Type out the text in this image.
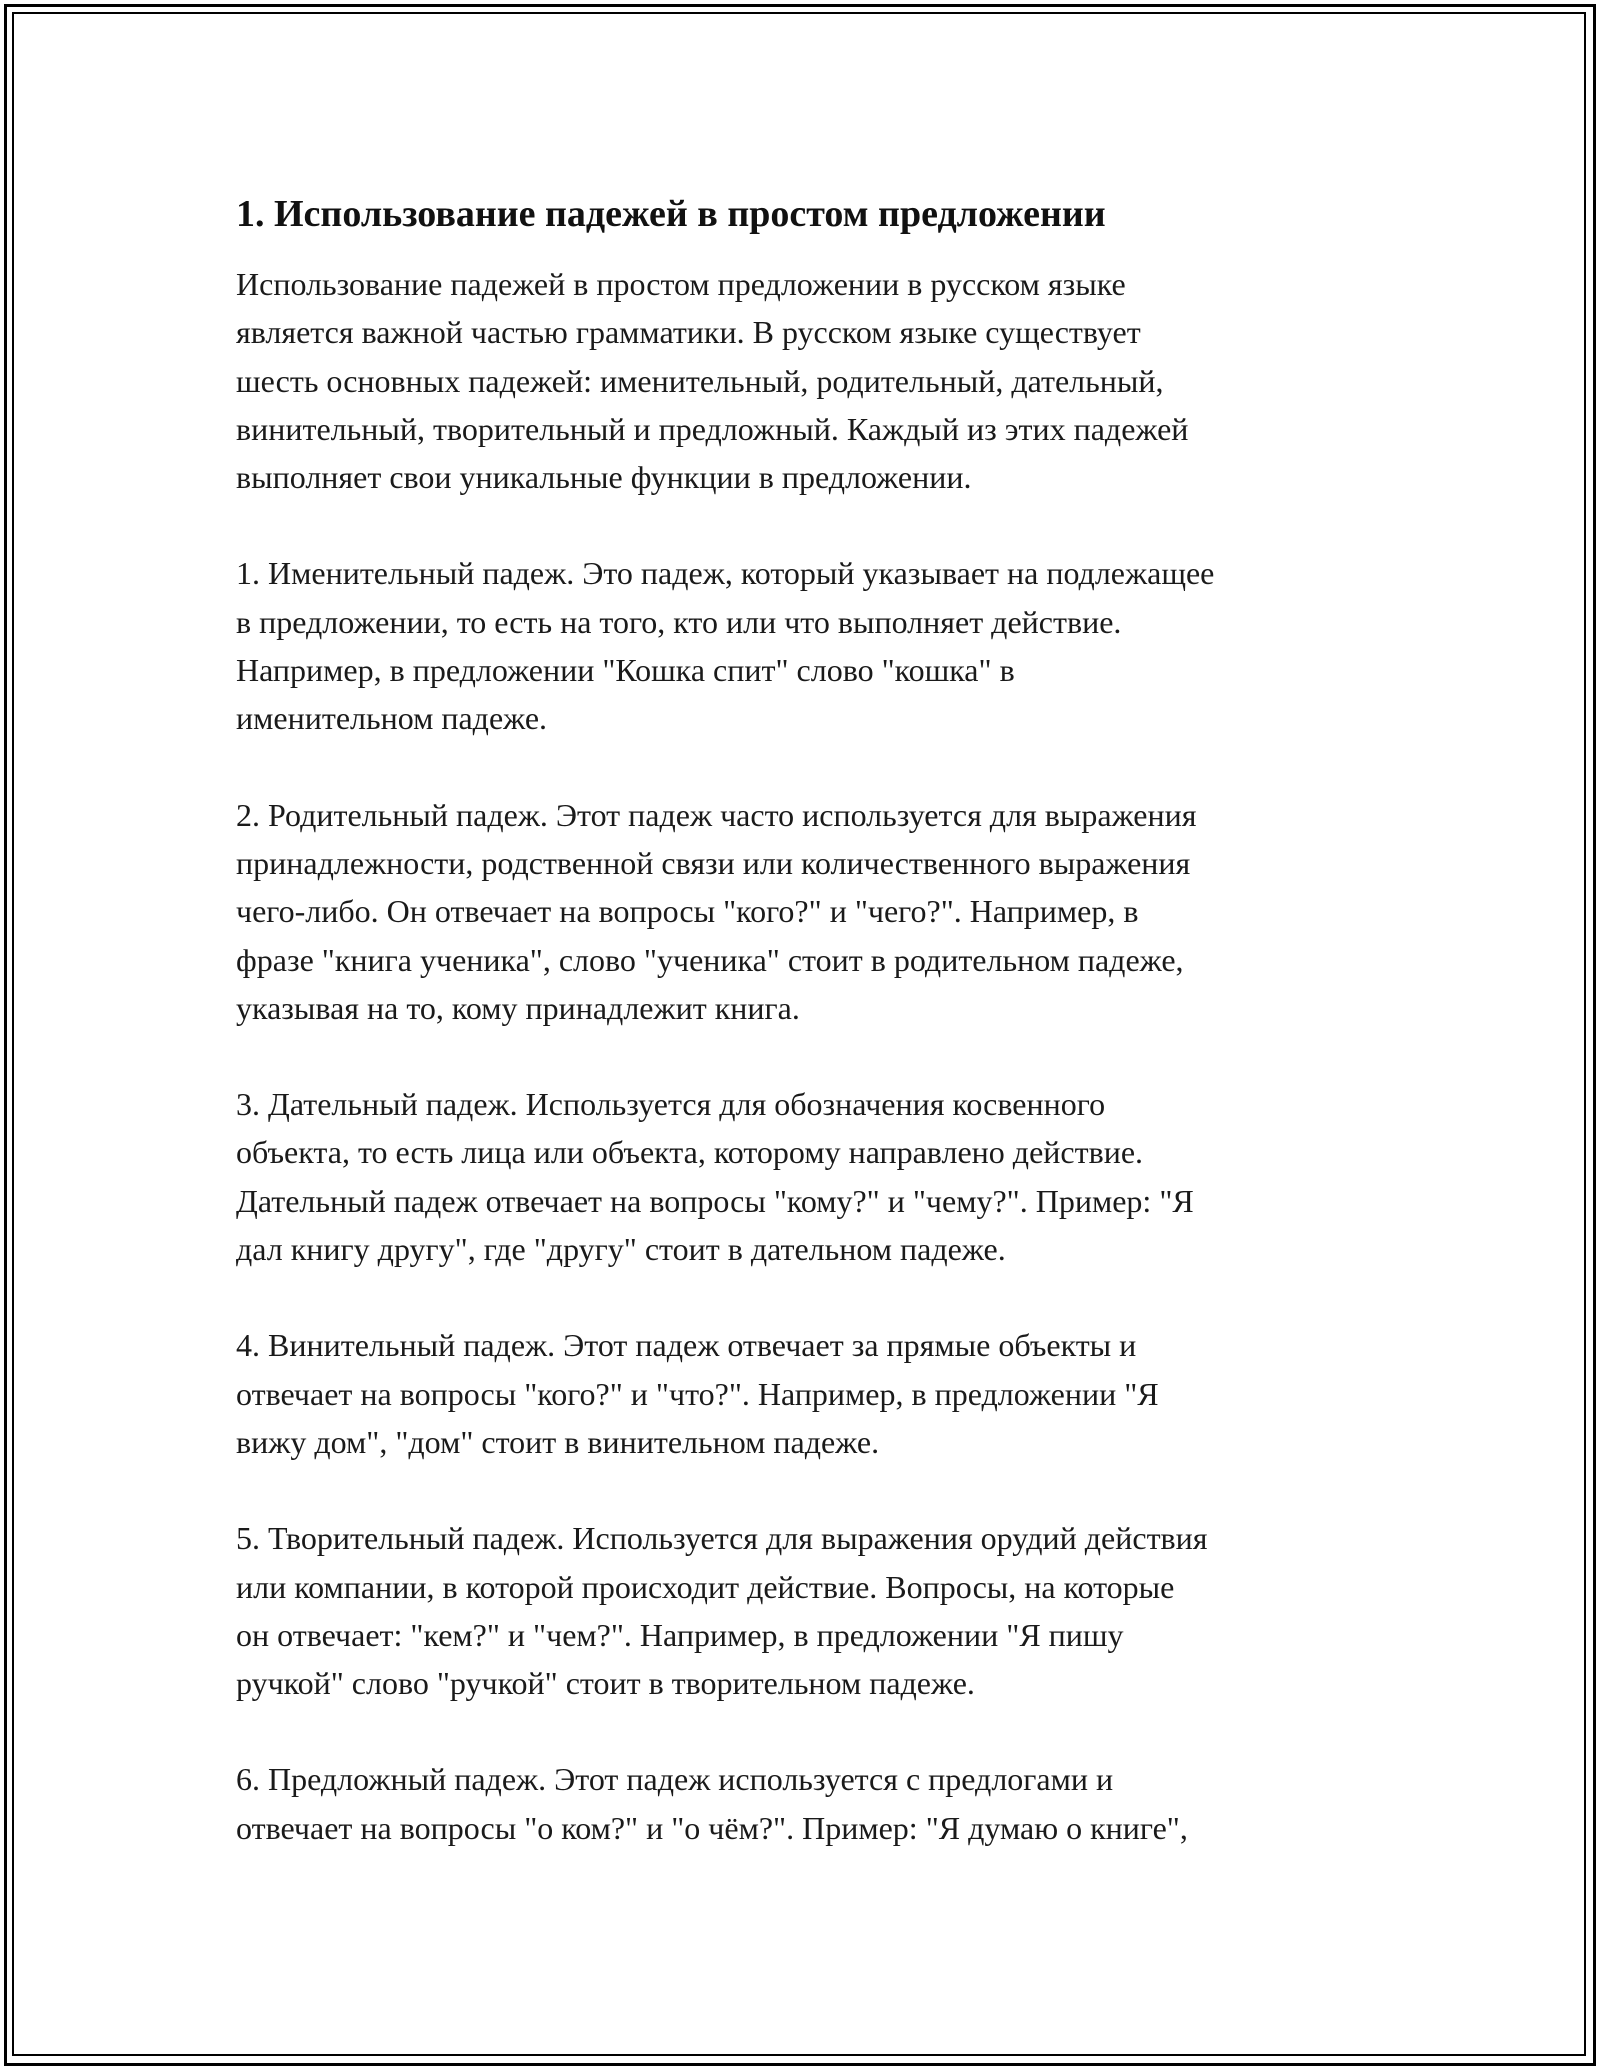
1. Использование падежей в простом предложении

Использование падежей в простом предложении в русском языке
является важной частью грамматики. В русском языке существует
шесть основных падежей: именительный, родительный, дательный,
винительный, творительный и предложный. Каждый из этих падежей
выполняет свои уникальные функции в предложении.

1. Именительный падеж. Это падеж, который указывает на подлежащее
в предложении, то есть на того, кто или что выполняет действие.
Например, в предложении "Кошка спит" слово "кошка" в
именительном падеже.

2. Родительный падеж. Этот падеж часто используется для выражения
принадлежности, родственной связи или количественного выражения
чего-либо. Он отвечает на вопросы "кого?" и "чего?". Например, в
фразе "книга ученика", слово "ученика" стоит в родительном падеже,
указывая на то, кому принадлежит книга.

3. Дательный падеж. Используется для обозначения косвенного
объекта, то есть лица или объекта, которому направлено действие.
Дательный падеж отвечает на вопросы "кому?" и "чему?". Пример: "Я
дал книгу другу", где "другу" стоит в дательном падеже.

4. Винительный падеж. Этот падеж отвечает за прямые объекты и
отвечает на вопросы "кого?" и "что?". Например, в предложении "Я
вижу дом", "дом" стоит в винительном падеже.

5. Творительный падеж. Используется для выражения орудий действия
или компании, в которой происходит действие. Вопросы, на которые
он отвечает: "кем?" и "чем?". Например, в предложении "Я пишу
ручкой" слово "ручкой" стоит в творительном падеже.

6. Предложный падеж. Этот падеж используется с предлогами и
отвечает на вопросы "о ком?" и "о чём?". Пример: "Я думаю о книге",
